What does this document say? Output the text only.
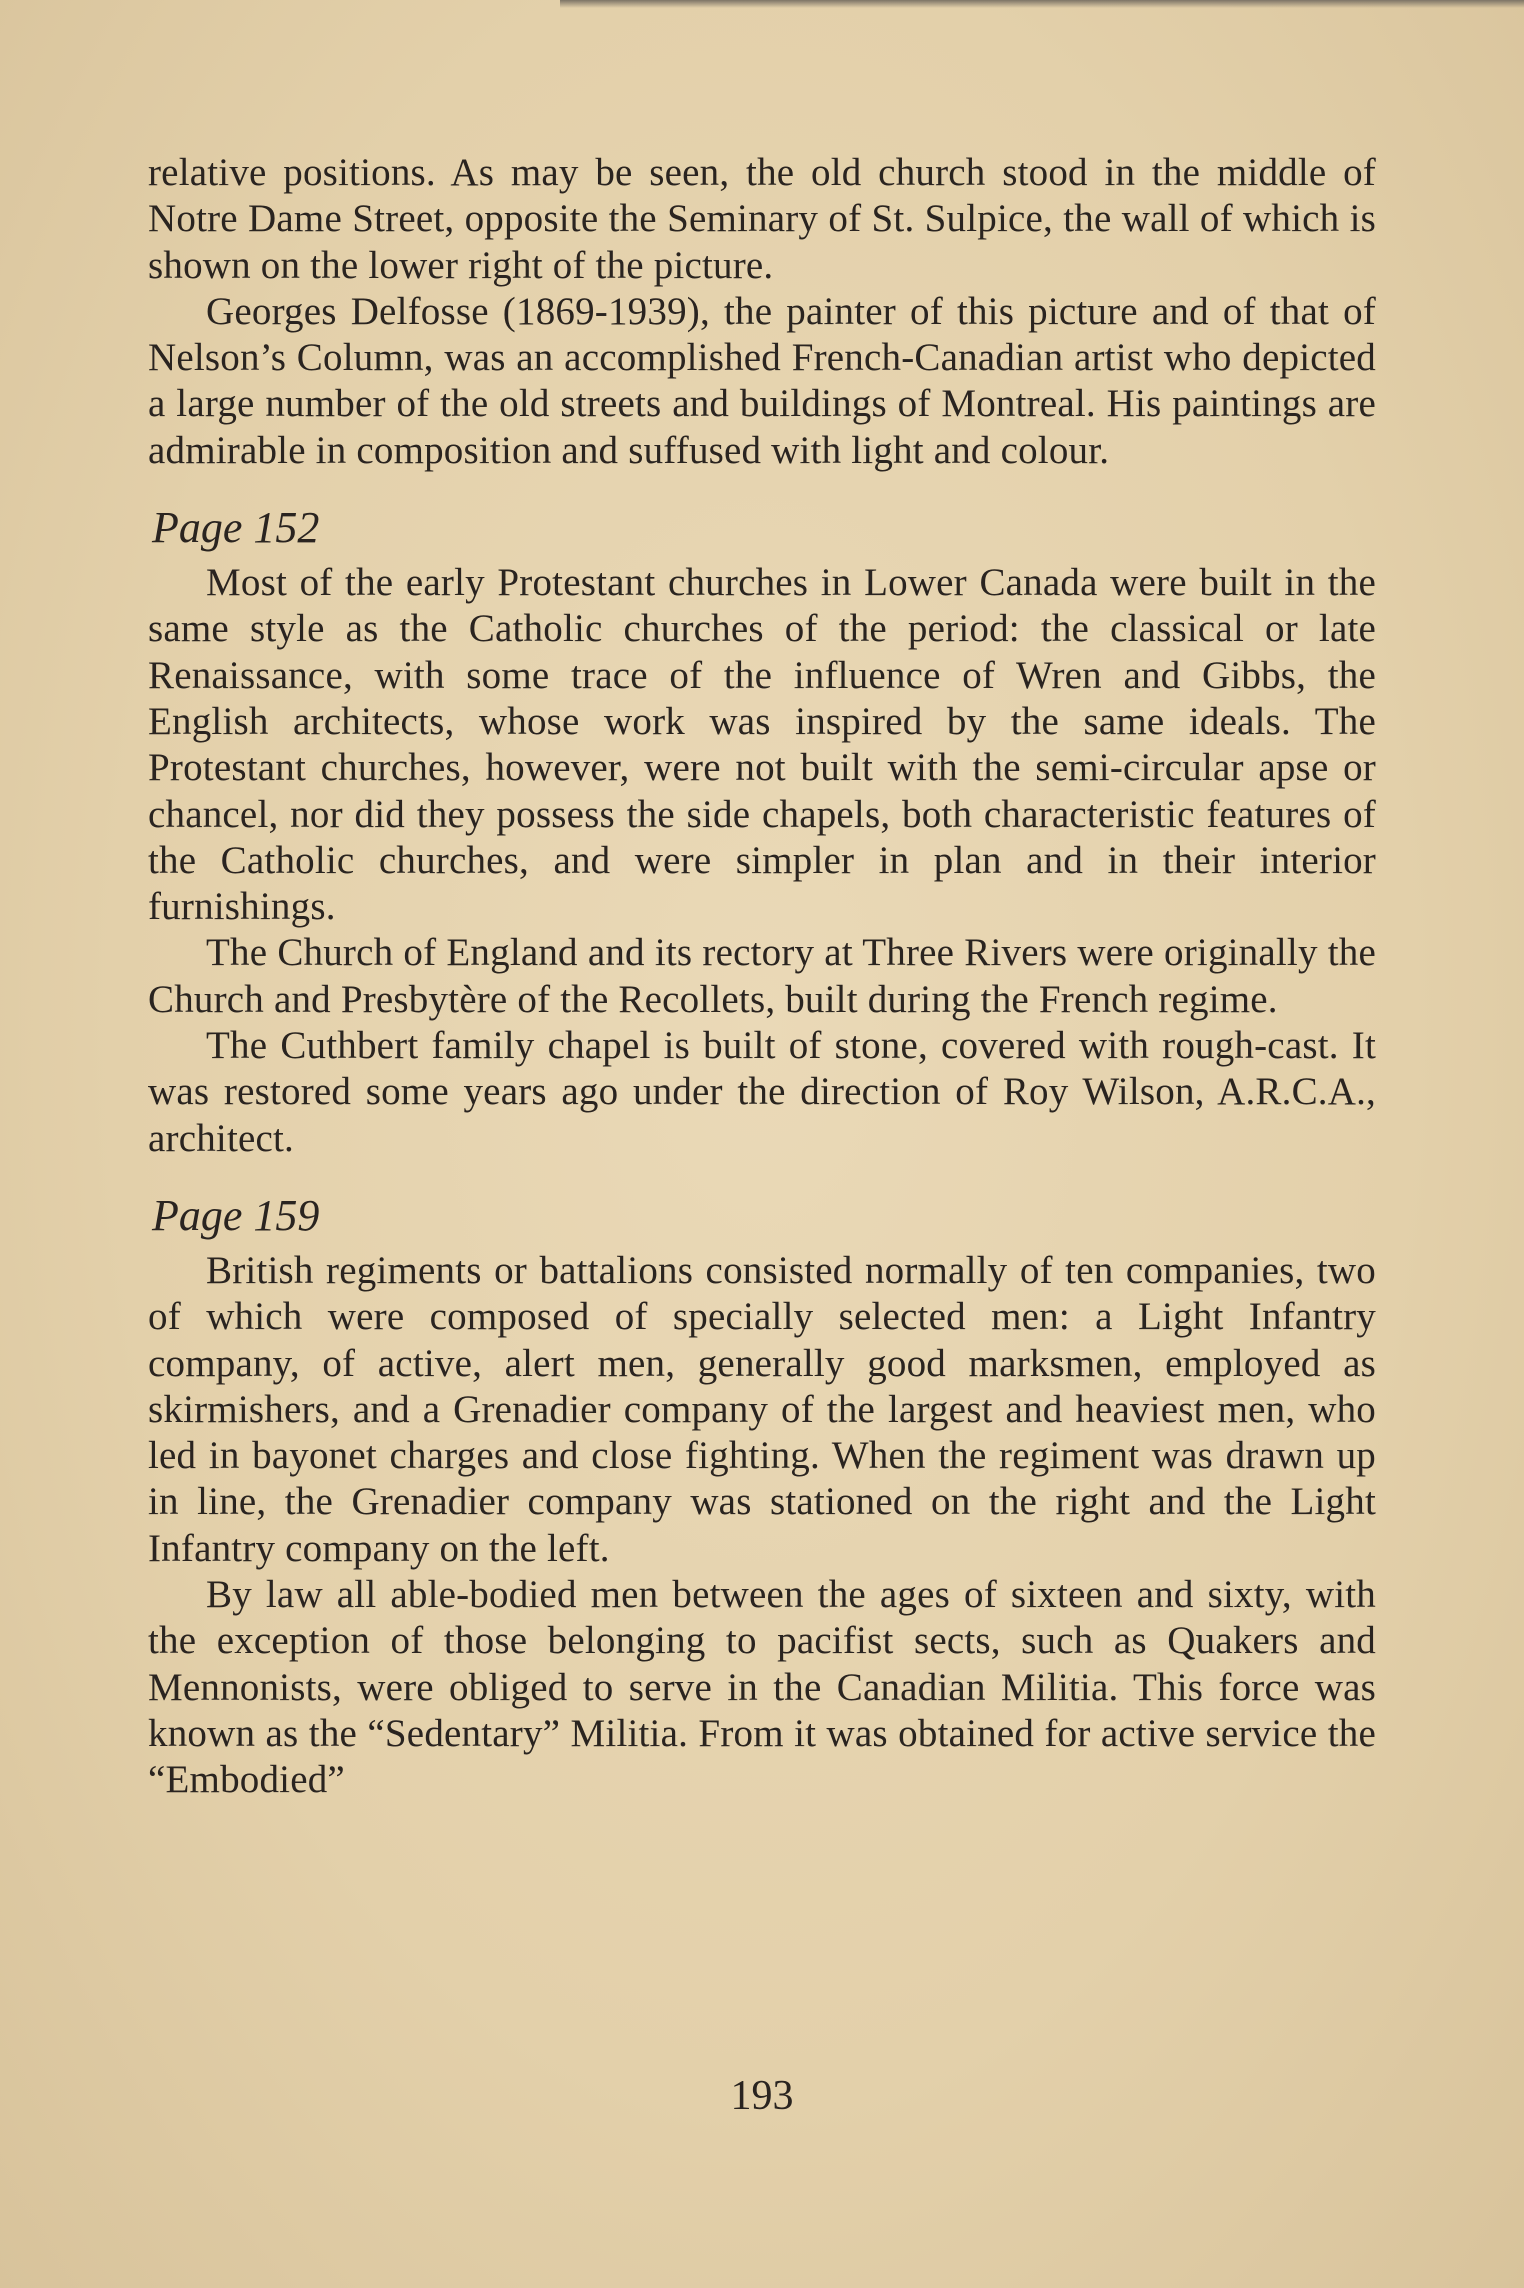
relative positions. As may be seen, the old church stood in the middle of Notre Dame Street, opposite the Seminary of St. Sulpice, the wall of which is shown on the lower right of the picture.

Georges Delfosse (1869-1939), the painter of this picture and of that of Nelson’s Column, was an accomplished French-Canadian artist who depicted a large number of the old streets and buildings of Montreal. His paintings are admirable in composition and suffused with light and colour.

Page 152

Most of the early Protestant churches in Lower Canada were built in the same style as the Catholic churches of the period: the classical or late Renaissance, with some trace of the influence of Wren and Gibbs, the English architects, whose work was inspired by the same ideals. The Protestant churches, however, were not built with the semi-circular apse or chancel, nor did they possess the side chapels, both characteristic features of the Catholic churches, and were simpler in plan and in their interior furnishings.

The Church of England and its rectory at Three Rivers were originally the Church and Presbytère of the Recollets, built during the French regime.

The Cuthbert family chapel is built of stone, covered with rough-cast. It was restored some years ago under the direction of Roy Wilson, A.R.C.A., architect.

Page 159

British regiments or battalions consisted normally of ten companies, two of which were composed of specially selected men: a Light Infantry company, of active, alert men, generally good marksmen, employed as skirmishers, and a Grenadier company of the largest and heaviest men, who led in bayonet charges and close fighting. When the regiment was drawn up in line, the Grenadier company was stationed on the right and the Light Infantry company on the left.

By law all able-bodied men between the ages of sixteen and sixty, with the exception of those belonging to pacifist sects, such as Quakers and Mennonists, were obliged to serve in the Canadian Militia. This force was known as the “Sedentary” Militia. From it was obtained for active service the “Embodied”

193
